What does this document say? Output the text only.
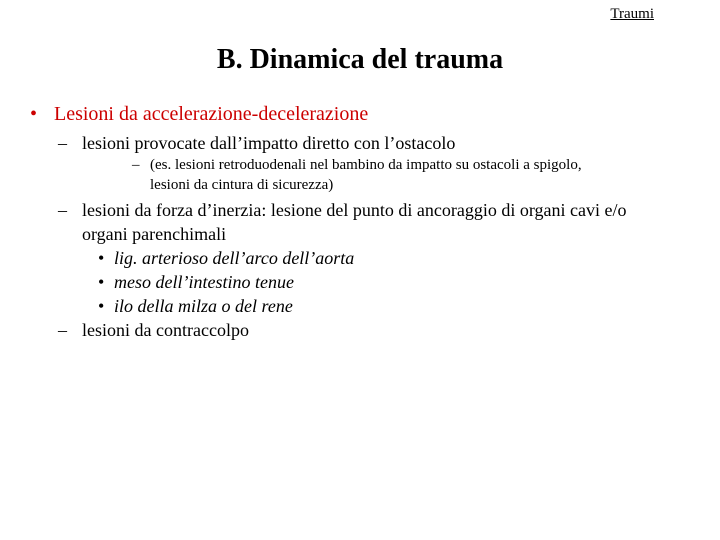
Traumi
B. Dinamica del trauma
• Lesioni da accelerazione-decelerazione
– lesioni provocate dall’impatto diretto con l’ostacolo
– (es. lesioni retroduodenali nel bambino da impatto su ostacoli a spigolo,
lesioni da cintura di sicurezza)
– lesioni da forza d’inerzia: lesione del punto di ancoraggio di organi cavi e/o
organi parenchimali
• lig. arterioso dell’arco dell’aorta
• meso dell’intestino tenue
• ilo della milza o del rene
– lesioni da contraccolpo
